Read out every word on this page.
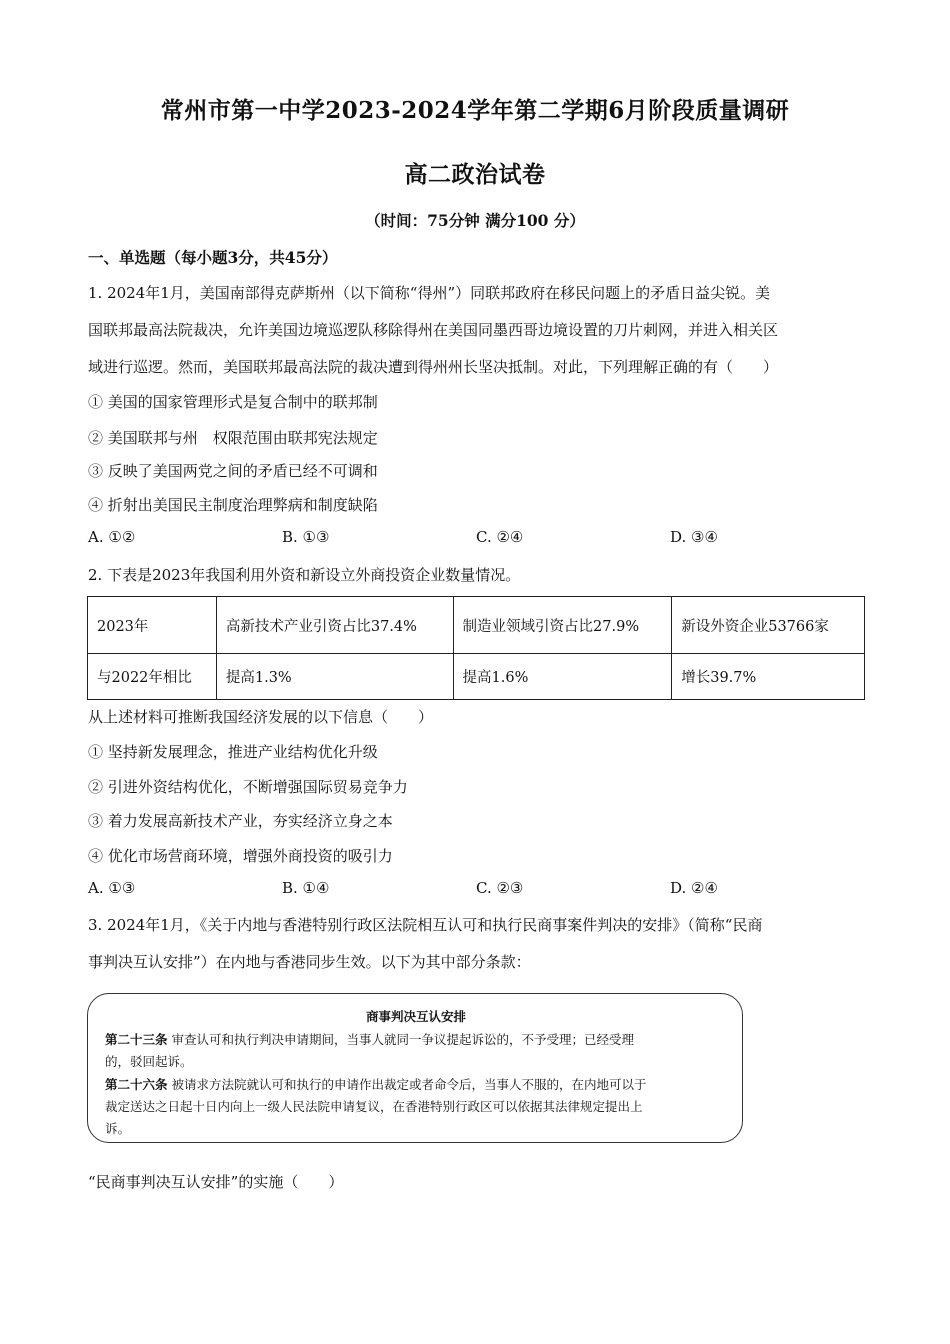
常州市第一中学2023-2024学年第二学期6月阶段质量调研
高二政治试卷
（时间：75分钟 满分100 分）
一、单选题（每小题3分，共45分）
1. 2024年1月，美国南部得克萨斯州（以下简称“得州”）同联邦政府在移民问题上的矛盾日益尖锐。美
国联邦最高法院裁决，允许美国边境巡逻队移除得州在美国同墨西哥边境设置的刀片刺网，并进入相关区
域进行巡逻。然而，美国联邦最高法院的裁决遭到得州州长坚决抵制。对此，下列理解正确的有（　　）
① 美国的国家管理形式是复合制中的联邦制
② 美国联邦与州　权限范围由联邦宪法规定
③ 反映了美国两党之间的矛盾已经不可调和
④ 折射出美国民主制度治理弊病和制度缺陷
A. ①②	B. ①③	C. ②④	D. ③④
2. 下表是2023年我国利用外资和新设立外商投资企业数量情况。
2023年	高新技术产业引资占比37.4%	制造业领域引资占比27.9%	新设外资企业53766家
与2022年相比	提高1.3%	提高1.6%	增长39.7%
从上述材料可推断我国经济发展的以下信息（　　）
① 坚持新发展理念，推进产业结构优化升级
② 引进外资结构优化，不断增强国际贸易竞争力
③ 着力发展高新技术产业，夯实经济立身之本
④ 优化市场营商环境，增强外商投资的吸引力
A. ①③	B. ①④	C. ②③	D. ②④
3. 2024年1月，《关于内地与香港特别行政区法院相互认可和执行民商事案件判决的安排》（简称“民商
事判决互认安排”）在内地与香港同步生效。以下为其中部分条款：
商事判决互认安排
第二十三条 审查认可和执行判决申请期间，当事人就同一争议提起诉讼的，不予受理；已经受理
的，驳回起诉。
第二十六条 被请求方法院就认可和执行的申请作出裁定或者命令后，当事人不服的，在内地可以于
裁定送达之日起十日内向上一级人民法院申请复议，在香港特别行政区可以依据其法律规定提出上
诉。
“民商事判决互认安排”的实施（　　）
